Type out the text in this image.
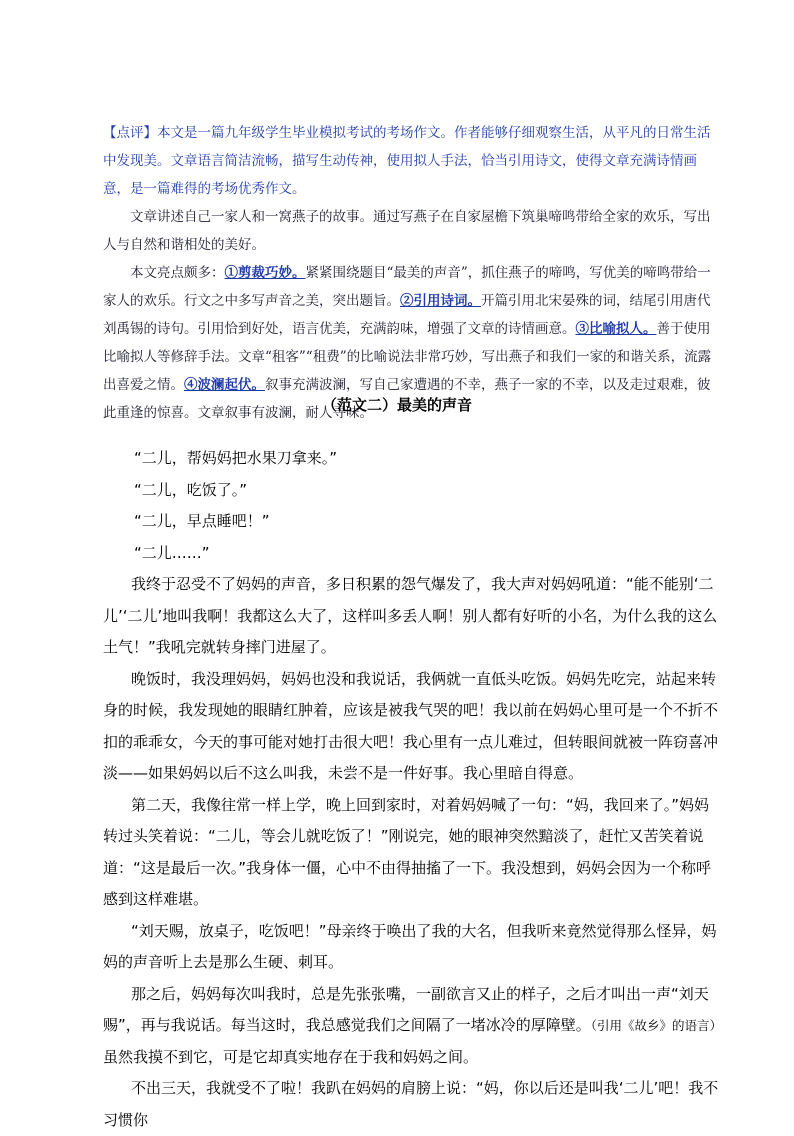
【点评】本文是一篇九年级学生毕业模拟考试的考场作文。作者能够仔细观察生活，从平凡的日常生活中发现美。文章语言简洁流畅，描写生动传神，使用拟人手法，恰当引用诗文，使得文章充满诗情画意，是一篇难得的考场优秀作文。

文章讲述自己一家人和一窝燕子的故事。通过写燕子在自家屋檐下筑巢啼鸣带给全家的欢乐，写出人与自然和谐相处的美好。

本文亮点颇多：①剪裁巧妙。紧紧围绕题目“最美的声音”，抓住燕子的啼鸣，写优美的啼鸣带给一家人的欢乐。行文之中多写声音之美，突出题旨。②引用诗词。开篇引用北宋晏殊的词，结尾引用唐代刘禹锡的诗句。引用恰到好处，语言优美，充满韵味，增强了文章的诗情画意。③比喻拟人。善于使用比喻拟人等修辞手法。文章“租客”“租费”的比喻说法非常巧妙，写出燕子和我们一家的和谐关系，流露出喜爱之情。④波澜起伏。叙事充满波澜，写自己家遭遇的不幸，燕子一家的不幸，以及走过艰难，彼此重逢的惊喜。文章叙事有波澜，耐人寻味。

（范文二）最美的声音

“二儿，帮妈妈把水果刀拿来。”

“二儿，吃饭了。”

“二儿，早点睡吧！”

“二儿……”

我终于忍受不了妈妈的声音，多日积累的怨气爆发了，我大声对妈妈吼道：“能不能别‘二儿’‘二儿’地叫我啊！我都这么大了，这样叫多丢人啊！别人都有好听的小名，为什么我的这么土气！”我吼完就转身摔门进屋了。

晚饭时，我没理妈妈，妈妈也没和我说话，我俩就一直低头吃饭。妈妈先吃完，站起来转身的时候，我发现她的眼睛红肿着，应该是被我气哭的吧！我以前在妈妈心里可是一个不折不扣的乖乖女，今天的事可能对她打击很大吧！我心里有一点儿难过，但转眼间就被一阵窃喜冲淡——如果妈妈以后不这么叫我，未尝不是一件好事。我心里暗自得意。

第二天，我像往常一样上学，晚上回到家时，对着妈妈喊了一句：“妈，我回来了。”妈妈转过头笑着说：“二儿，等会儿就吃饭了！”刚说完，她的眼神突然黯淡了，赶忙又苦笑着说道：“这是最后一次。”我身体一僵，心中不由得抽搐了一下。我没想到，妈妈会因为一个称呼感到这样难堪。

“刘天赐，放桌子，吃饭吧！”母亲终于唤出了我的大名，但我听来竟然觉得那么怪异，妈妈的声音听上去是那么生硬、刺耳。

那之后，妈妈每次叫我时，总是先张张嘴，一副欲言又止的样子，之后才叫出一声“刘天赐”，再与我说话。每当这时，我总感觉我们之间隔了一堵冰冷的厚障壁。（引用《故乡》的语言）虽然我摸不到它，可是它却真实地存在于我和妈妈之间。

不出三天，我就受不了啦！我趴在妈妈的肩膀上说：“妈，你以后还是叫我‘二儿’吧！我不习惯你
